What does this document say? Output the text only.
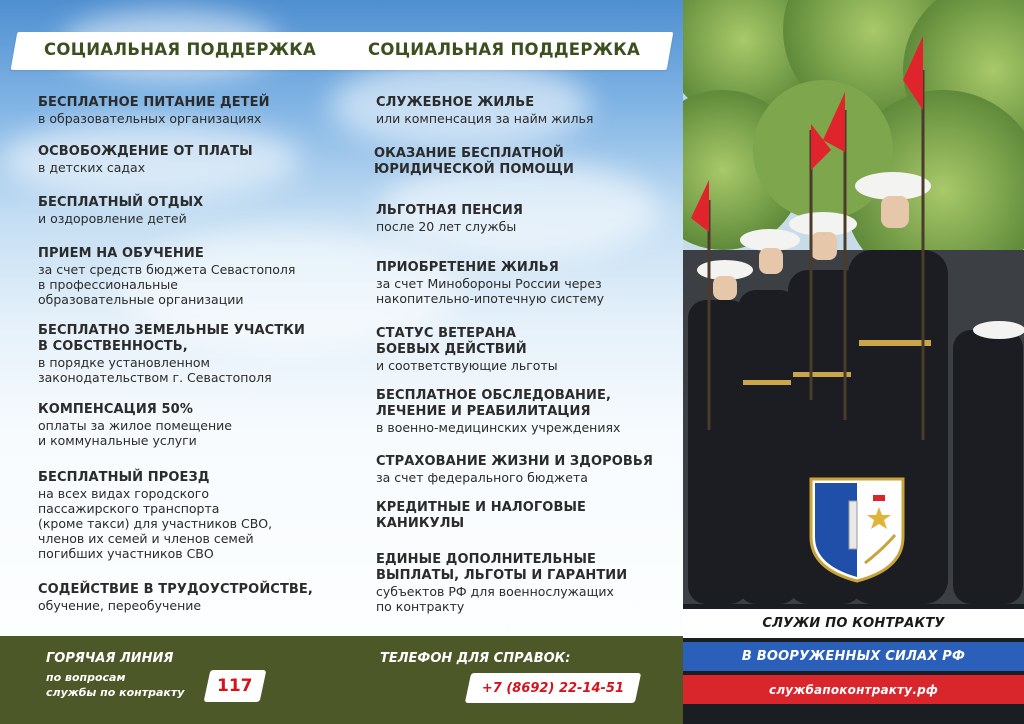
СОЦИАЛЬНАЯ ПОДДЕРЖКА	СОЦИАЛЬНАЯ ПОДДЕРЖКА
БЕСПЛАТНОЕ ПИТАНИЕ ДЕТЕЙ
в образовательных организациях
ОСВОБОЖДЕНИЕ ОТ ПЛАТЫ
в детских садах
БЕСПЛАТНЫЙ ОТДЫХ
и оздоровление детей
ПРИЕМ НА ОБУЧЕНИЕ
за счет средств бюджета Севастополя
в профессиональные
образовательные организации
БЕСПЛАТНО ЗЕМЕЛЬНЫЕ УЧАСТКИ
В СОБСТВЕННОСТЬ,
в порядке установленном
законодательством г. Севастополя
КОМПЕНСАЦИЯ 50%
оплаты за жилое помещение
и коммунальные услуги
БЕСПЛАТНЫЙ ПРОЕЗД
на всех видах городского
пассажирского транспорта
(кроме такси) для участников СВО,
членов их семей и членов семей
погибших участников СВО
СОДЕЙСТВИЕ В ТРУДОУСТРОЙСТВЕ,
обучение, переобучение
СЛУЖЕБНОЕ ЖИЛЬЕ
или компенсация за найм жилья
ОКАЗАНИЕ БЕСПЛАТНОЙ
ЮРИДИЧЕСКОЙ ПОМОЩИ
ЛЬГОТНАЯ ПЕНСИЯ
после 20 лет службы
ПРИОБРЕТЕНИЕ ЖИЛЬЯ
за счет Минобороны России через
накопительно-ипотечную систему
СТАТУС ВЕТЕРАНА
БОЕВЫХ ДЕЙСТВИЙ
и соответствующие льготы
БЕСПЛАТНОЕ ОБСЛЕДОВАНИЕ,
ЛЕЧЕНИЕ И РЕАБИЛИТАЦИЯ
в военно-медицинских учреждениях
СТРАХОВАНИЕ ЖИЗНИ И ЗДОРОВЬЯ
за счет федерального бюджета
КРЕДИТНЫЕ И НАЛОГОВЫЕ
КАНИКУЛЫ
ЕДИНЫЕ ДОПОЛНИТЕЛЬНЫЕ
ВЫПЛАТЫ, ЛЬГОТЫ И ГАРАНТИИ
субъектов РФ для военнослужащих
по контракту
ГОРЯЧАЯ ЛИНИЯ
по вопросам
службы по контракту 117
ТЕЛЕФОН ДЛЯ СПРАВОК:
+7 (8692) 22-14-51
СЛУЖИ ПО КОНТРАКТУ
В ВООРУЖЕННЫХ СИЛАХ РФ
службапоконтракту.рф
